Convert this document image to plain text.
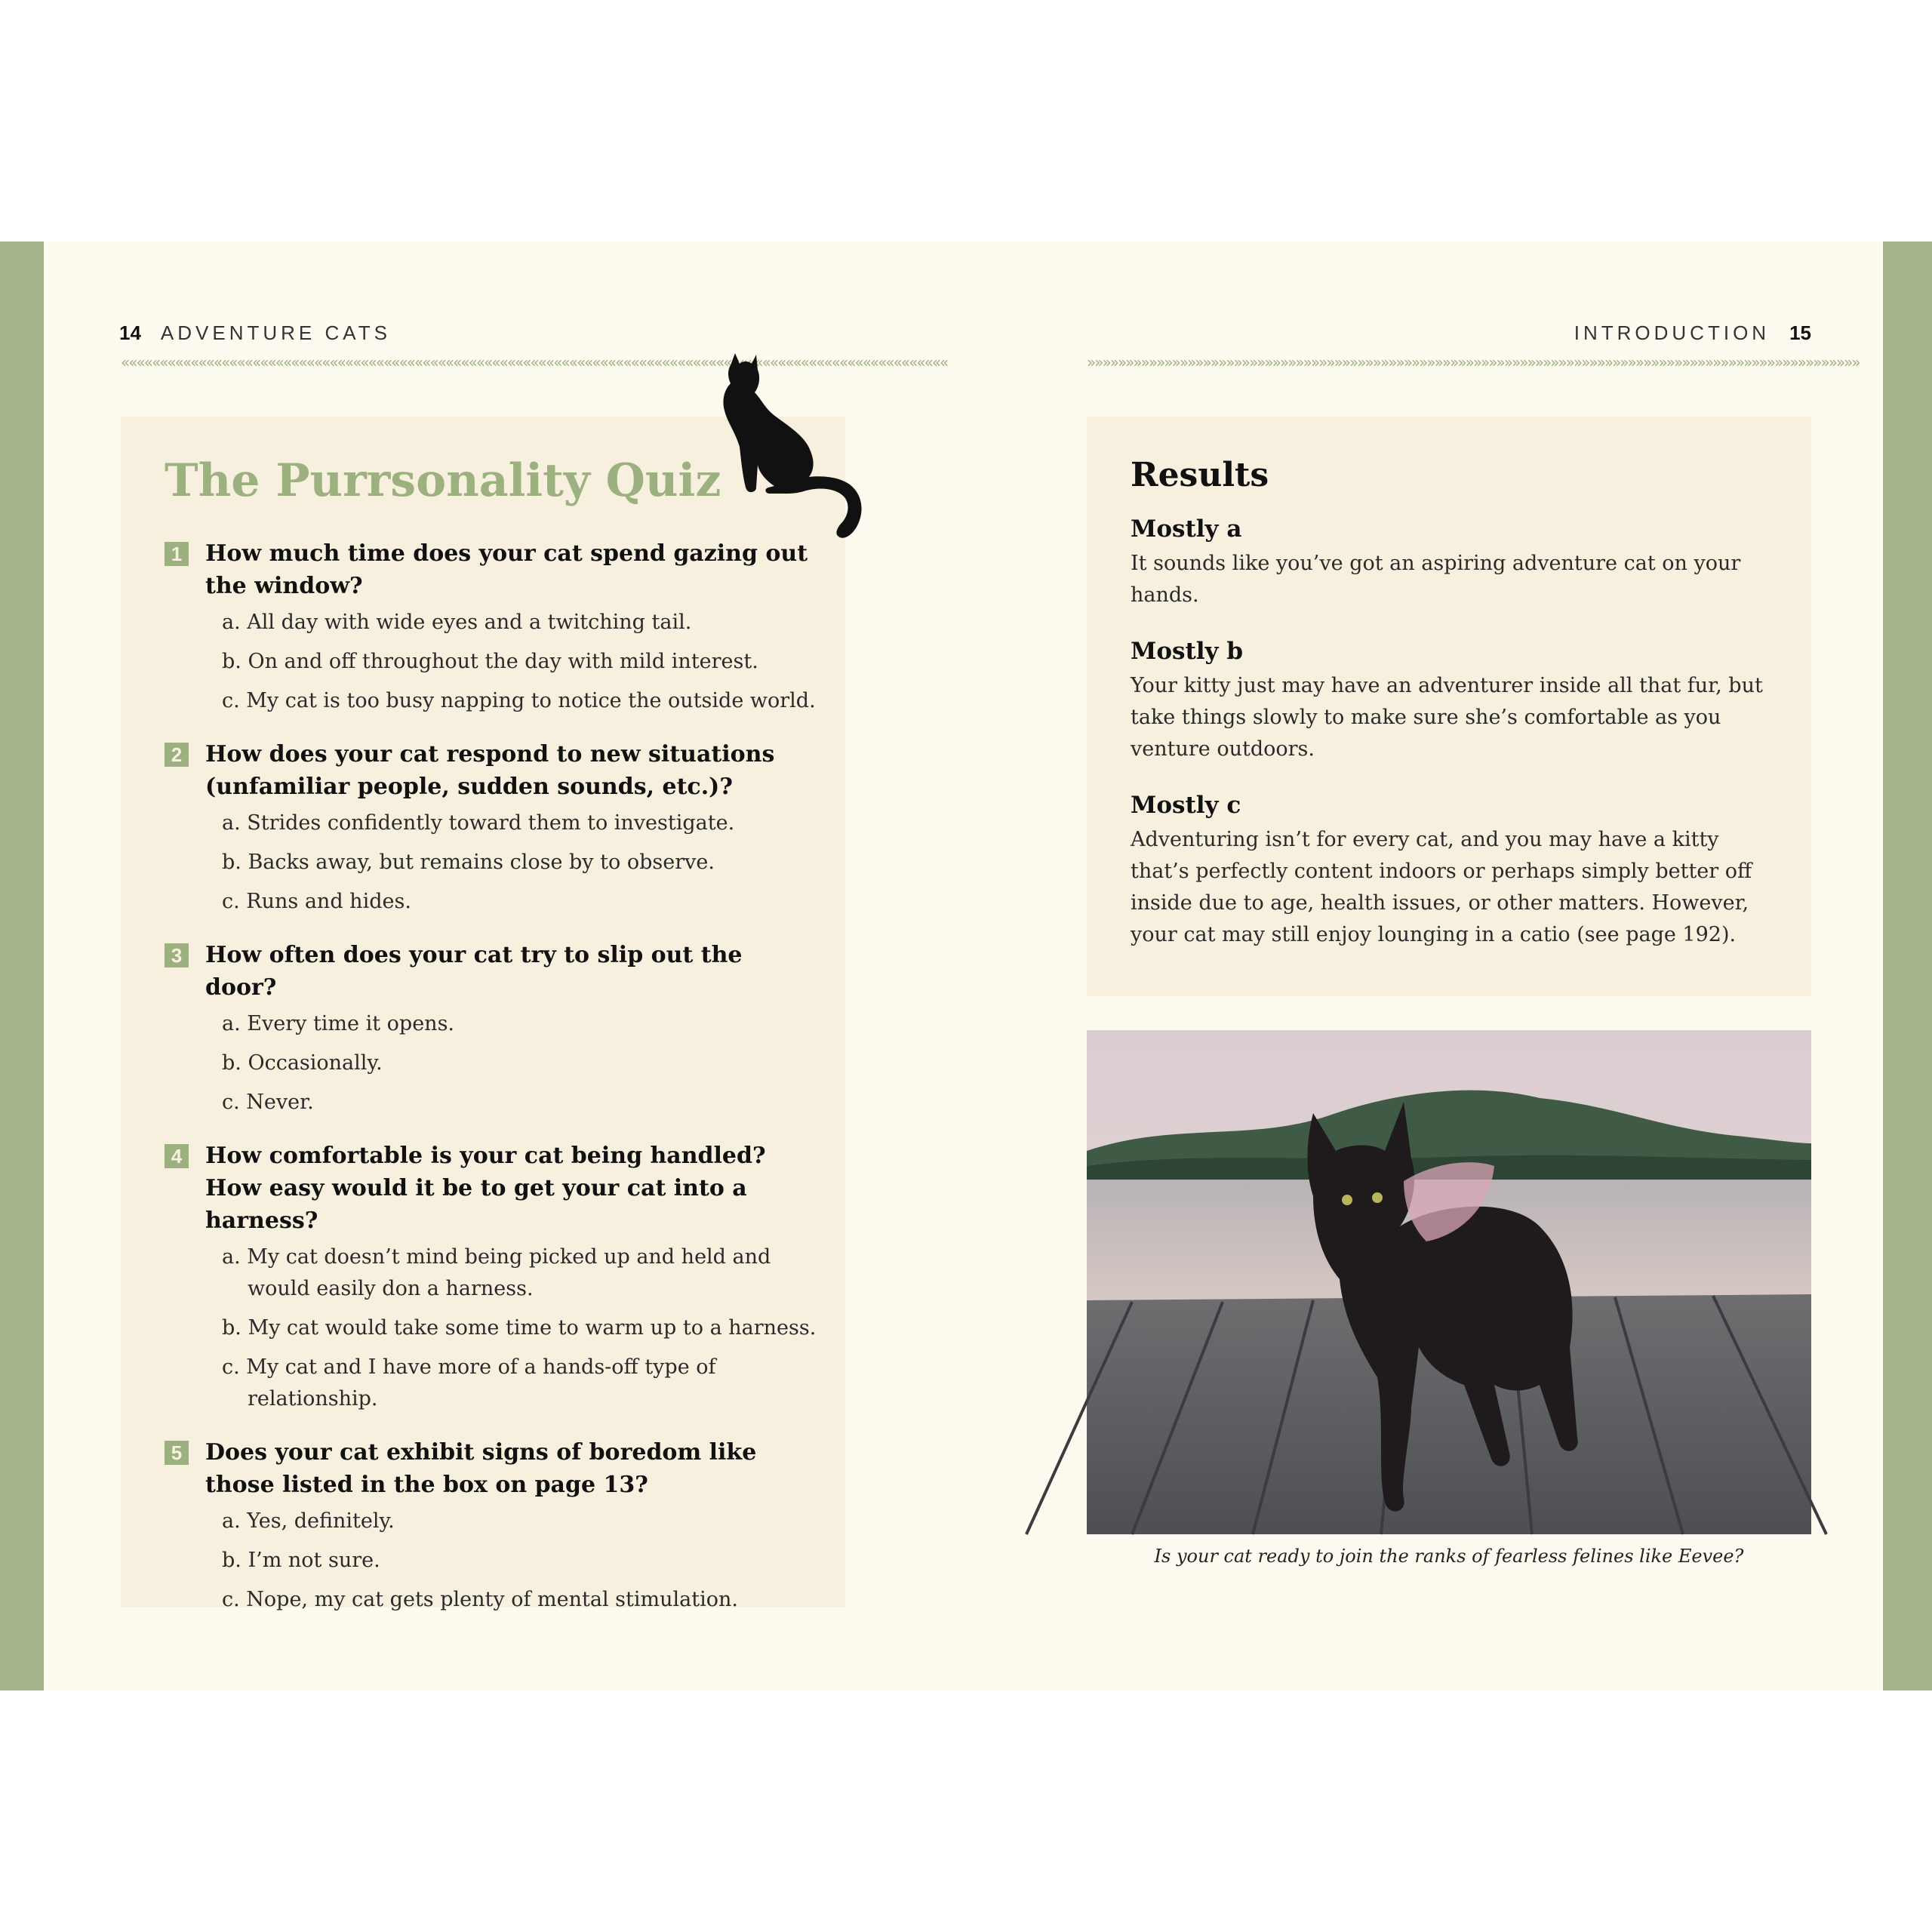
14 ADVENTURE CATS	INTRODUCTION 15
«««««««««««««««««««««««««««««««««««««««««««««««««««««««««««««««««««««««««««««««««««««««««««««««««««««««««««	»»»»»»»»»»»»»»»»»»»»»»»»»»»»»»»»»»»»»»»»»»»»»»»»»»»»»»»»»»»»»»»»»»»»»»»»»»»»»»»»»»»»»»»»»»»»»»»»»»»»
The Purrsonality Quiz
1 How much time does your cat spend gazing out the window?
a. All day with wide eyes and a twitching tail.
b. On and off throughout the day with mild interest.
c. My cat is too busy napping to notice the outside world.
2 How does your cat respond to new situations (unfamiliar people, sudden sounds, etc.)?
a. Strides confidently toward them to investigate.
b. Backs away, but remains close by to observe.
c. Runs and hides.
3 How often does your cat try to slip out the door?
a. Every time it opens.
b. Occasionally.
c. Never.
4 How comfortable is your cat being handled? How easy would it be to get your cat into a harness?
a. My cat doesn’t mind being picked up and held and would easily don a harness.
b. My cat would take some time to warm up to a harness.
c. My cat and I have more of a hands-off type of relationship.
5 Does your cat exhibit signs of boredom like those listed in the box on page 13?
a. Yes, definitely.
b. I’m not sure.
c. Nope, my cat gets plenty of mental stimulation.
Results
Mostly a
It sounds like you’ve got an aspiring adventure cat on your hands.
Mostly b
Your kitty just may have an adventurer inside all that fur, but take things slowly to make sure she’s comfortable as you venture outdoors.
Mostly c
Adventuring isn’t for every cat, and you may have a kitty that’s perfectly content indoors or perhaps simply better off inside due to age, health issues, or other matters. However, your cat may still enjoy lounging in a catio (see page 192).
Is your cat ready to join the ranks of fearless felines like Eevee?
